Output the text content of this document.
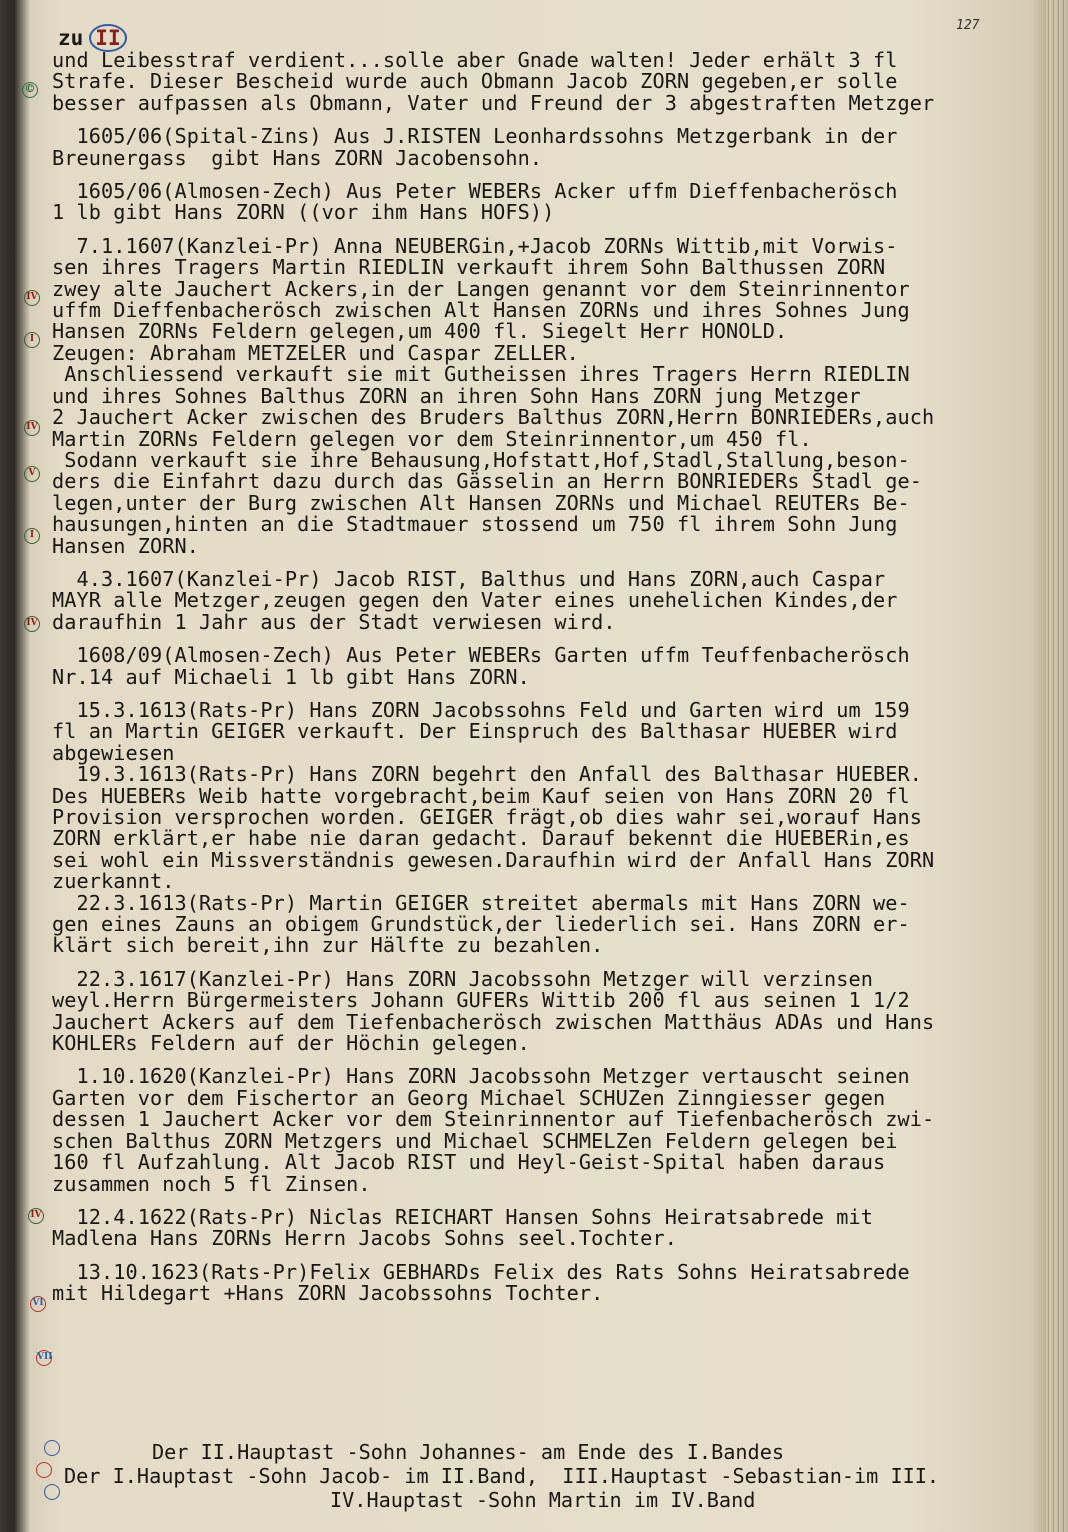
zu II
127
©
IV
I
IV
V
I
IV
IV
VI
VII
und Leibesstraf verdient...solle aber Gnade walten! Jeder erhält 3 fl
Strafe. Dieser Bescheid wurde auch Obmann Jacob ZORN gegeben,er solle
besser aufpassen als Obmann, Vater und Freund der 3 abgestraften Metzger
1605/06(Spital-Zins) Aus J.RISTEN Leonhardssohns Metzgerbank in der
Breunergass  gibt Hans ZORN Jacobensohn.
1605/06(Almosen-Zech) Aus Peter WEBERs Acker uffm Dieffenbacherösch
1 lb gibt Hans ZORN ((vor ihm Hans HOFS))
7.1.1607(Kanzlei-Pr) Anna NEUBERGin,+Jacob ZORNs Wittib,mit Vorwis-
sen ihres Tragers Martin RIEDLIN verkauft ihrem Sohn Balthussen ZORN
zwey alte Jauchert Ackers,in der Langen genannt vor dem Steinrinnentor
uffm Dieffenbacherösch zwischen Alt Hansen ZORNs und ihres Sohnes Jung
Hansen ZORNs Feldern gelegen,um 400 fl. Siegelt Herr HONOLD.
Zeugen: Abraham METZELER und Caspar ZELLER.
Anschliessend verkauft sie mit Gutheissen ihres Tragers Herrn RIEDLIN
und ihres Sohnes Balthus ZORN an ihren Sohn Hans ZORN jung Metzger
2 Jauchert Acker zwischen des Bruders Balthus ZORN,Herrn BONRIEDERs,auch
Martin ZORNs Feldern gelegen vor dem Steinrinnentor,um 450 fl.
Sodann verkauft sie ihre Behausung,Hofstatt,Hof,Stadl,Stallung,beson-
ders die Einfahrt dazu durch das Gässelin an Herrn BONRIEDERs Stadl ge-
legen,unter der Burg zwischen Alt Hansen ZORNs und Michael REUTERs Be-
hausungen,hinten an die Stadtmauer stossend um 750 fl ihrem Sohn Jung
Hansen ZORN.
4.3.1607(Kanzlei-Pr) Jacob RIST, Balthus und Hans ZORN,auch Caspar
MAYR alle Metzger,zeugen gegen den Vater eines unehelichen Kindes,der
daraufhin 1 Jahr aus der Stadt verwiesen wird.
1608/09(Almosen-Zech) Aus Peter WEBERs Garten uffm Teuffenbacherösch
Nr.14 auf Michaeli 1 lb gibt Hans ZORN.
15.3.1613(Rats-Pr) Hans ZORN Jacobssohns Feld und Garten wird um 159
fl an Martin GEIGER verkauft. Der Einspruch des Balthasar HUEBER wird
abgewiesen
19.3.1613(Rats-Pr) Hans ZORN begehrt den Anfall des Balthasar HUEBER.
Des HUEBERs Weib hatte vorgebracht,beim Kauf seien von Hans ZORN 20 fl
Provision versprochen worden. GEIGER frägt,ob dies wahr sei,worauf Hans
ZORN erklärt,er habe nie daran gedacht. Darauf bekennt die HUEBERin,es
sei wohl ein Missverständnis gewesen.Daraufhin wird der Anfall Hans ZORN
zuerkannt.
22.3.1613(Rats-Pr) Martin GEIGER streitet abermals mit Hans ZORN we-
gen eines Zauns an obigem Grundstück,der liederlich sei. Hans ZORN er-
klärt sich bereit,ihn zur Hälfte zu bezahlen.
22.3.1617(Kanzlei-Pr) Hans ZORN Jacobssohn Metzger will verzinsen
weyl.Herrn Bürgermeisters Johann GUFERs Wittib 200 fl aus seinen 1 1/2
Jauchert Ackers auf dem Tiefenbacherösch zwischen Matthäus ADAs und Hans
KOHLERs Feldern auf der Höchin gelegen.
1.10.1620(Kanzlei-Pr) Hans ZORN Jacobssohn Metzger vertauscht seinen
Garten vor dem Fischertor an Georg Michael SCHUZen Zinngiesser gegen
dessen 1 Jauchert Acker vor dem Steinrinnentor auf Tiefenbacherösch zwi-
schen Balthus ZORN Metzgers und Michael SCHMELZen Feldern gelegen bei
160 fl Aufzahlung. Alt Jacob RIST und Heyl-Geist-Spital haben daraus
zusammen noch 5 fl Zinsen.
12.4.1622(Rats-Pr) Niclas REICHART Hansen Sohns Heiratsabrede mit
Madlena Hans ZORNs Herrn Jacobs Sohns seel.Tochter.
13.10.1623(Rats-Pr)Felix GEBHARDs Felix des Rats Sohns Heiratsabrede
mit Hildegart +Hans ZORN Jacobssohns Tochter.
Der II.Hauptast -Sohn Johannes- am Ende des I.Bandes
Der I.Hauptast -Sohn Jacob- im II.Band,  III.Hauptast -Sebastian-im III.
IV.Hauptast -Sohn Martin im IV.Band
